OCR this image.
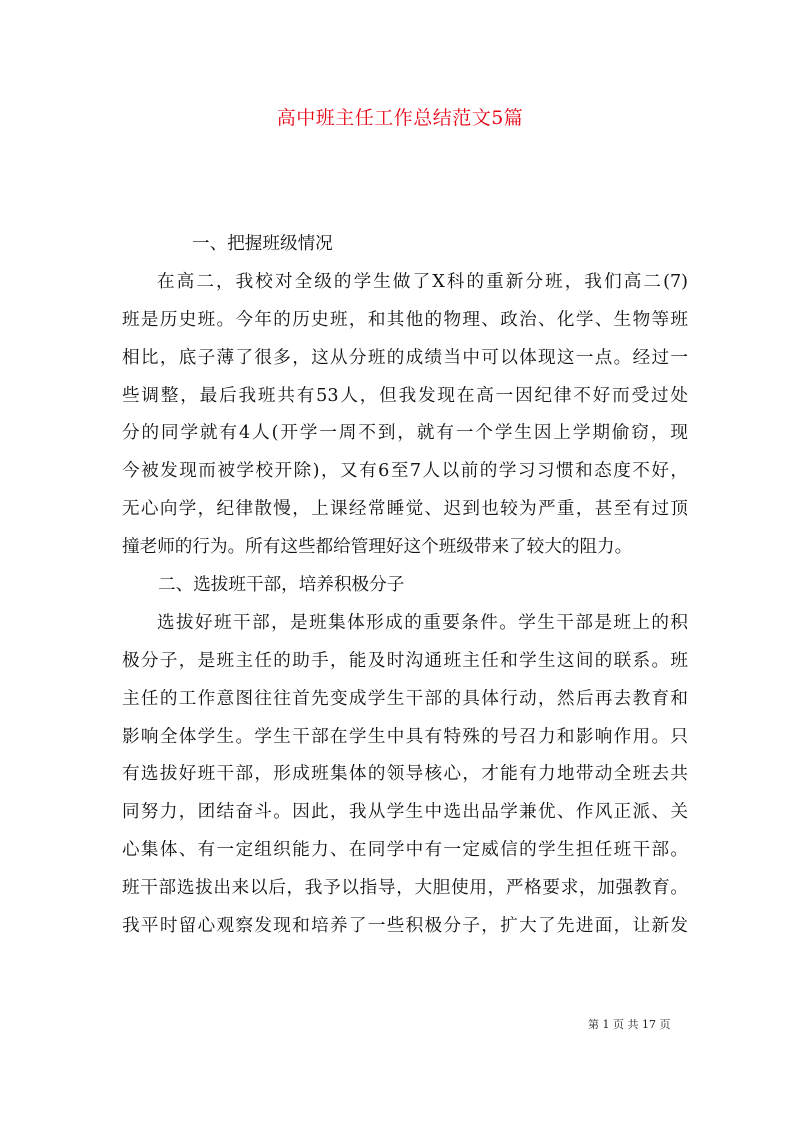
高中班主任工作总结范文5篇
一、把握班级情况
在高二，我校对全级的学生做了X科的重新分班，我们高二(7)
班是历史班。今年的历史班，和其他的物理、政治、化学、生物等班
相比，底子薄了很多，这从分班的成绩当中可以体现这一点。经过一
些调整，最后我班共有53人，但我发现在高一因纪律不好而受过处
分的同学就有4人(开学一周不到，就有一个学生因上学期偷窃，现
今被发现而被学校开除)，又有6至7人以前的学习习惯和态度不好，
无心向学，纪律散慢，上课经常睡觉、迟到也较为严重，甚至有过顶
撞老师的行为。所有这些都给管理好这个班级带来了较大的阻力。
二、选拔班干部，培养积极分子
选拔好班干部，是班集体形成的重要条件。学生干部是班上的积
极分子，是班主任的助手，能及时沟通班主任和学生这间的联系。班
主任的工作意图往往首先变成学生干部的具体行动，然后再去教育和
影响全体学生。学生干部在学生中具有特殊的号召力和影响作用。只
有选拔好班干部，形成班集体的领导核心，才能有力地带动全班去共
同努力，团结奋斗。因此，我从学生中选出品学兼优、作风正派、关
心集体、有一定组织能力、在同学中有一定威信的学生担任班干部。
班干部选拔出来以后，我予以指导，大胆使用，严格要求，加强教育。
我平时留心观察发现和培养了一些积极分子，扩大了先进面，让新发
第 1 页 共 17 页
